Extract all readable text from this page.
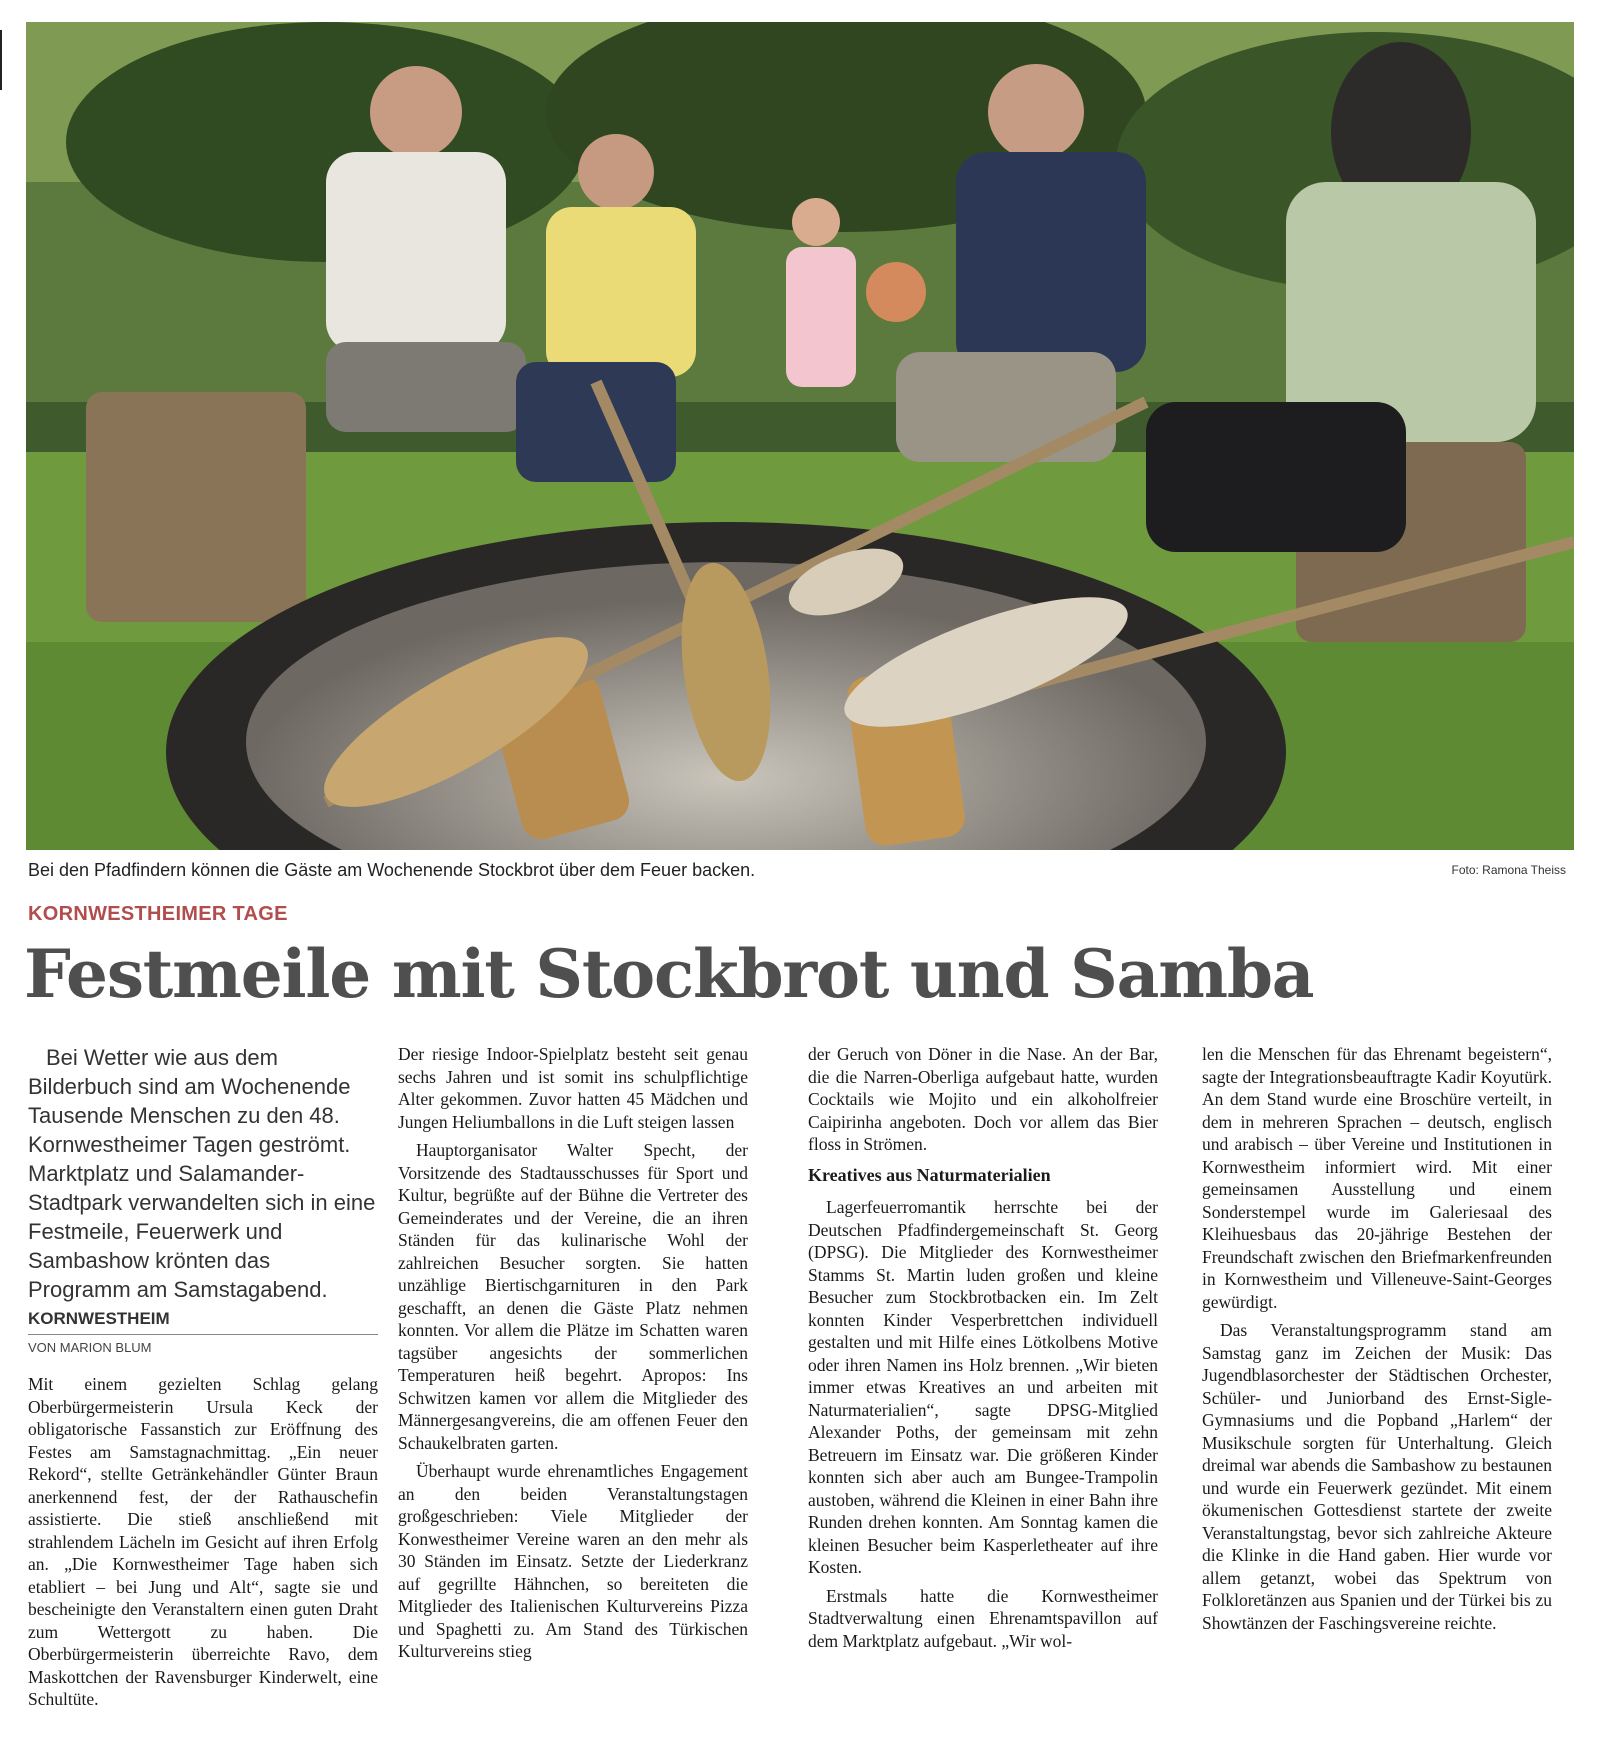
Bei den Pfadfindern können die Gäste am Wochenende Stockbrot über dem Feuer backen.	Foto: Ramona Theiss
KORNWESTHEIMER TAGE
Festmeile mit Stockbrot und Samba

Bei Wetter wie aus dem Bilderbuch sind am Wochenende Tausende Menschen zu den 48. Kornwestheimer Tagen geströmt. Marktplatz und Salamander-Stadtpark verwandelten sich in eine Festmeile, Feuerwerk und Sambashow krönten das Programm am Samstagabend.

KORNWESTHEIM
VON MARION BLUM

Mit einem gezielten Schlag gelang Oberbürgermeisterin Ursula Keck der obligatorische Fassanstich zur Eröffnung des Festes am Samstagnachmittag. „Ein neuer Rekord“, stellte Getränkehändler Günter Braun anerkennend fest, der der Rathauschefin assistierte. Die stieß anschließend mit strahlendem Lächeln im Gesicht auf ihren Erfolg an. „Die Kornwestheimer Tage haben sich etabliert – bei Jung und Alt“, sagte sie und bescheinigte den Veranstaltern einen guten Draht zum Wettergott zu haben. Die Oberbürgermeisterin überreichte Ravo, dem Maskottchen der Ravensburger Kinderwelt, eine Schultüte.

Der riesige Indoor-Spielplatz besteht seit genau sechs Jahren und ist somit ins schulpflichtige Alter gekommen. Zuvor hatten 45 Mädchen und Jungen Heliumballons in die Luft steigen lassen

Hauptorganisator Walter Specht, der Vorsitzende des Stadtausschusses für Sport und Kultur, begrüßte auf der Bühne die Vertreter des Gemeinderates und der Vereine, die an ihren Ständen für das kulinarische Wohl der zahlreichen Besucher sorgten. Sie hatten unzählige Biertischgarnituren in den Park geschafft, an denen die Gäste Platz nehmen konnten. Vor allem die Plätze im Schatten waren tagsüber angesichts der sommerlichen Temperaturen heiß begehrt. Apropos: Ins Schwitzen kamen vor allem die Mitglieder des Männergesangvereins, die am offenen Feuer den Schaukelbraten garten.

Überhaupt wurde ehrenamtliches Engagement an den beiden Veranstaltungstagen großgeschrieben: Viele Mitglieder der Konwestheimer Vereine waren an den mehr als 30 Ständen im Einsatz. Setzte der Liederkranz auf gegrillte Hähnchen, so bereiteten die Mitglieder des Italienischen Kulturvereins Pizza und Spaghetti zu. Am Stand des Türkischen Kulturvereins stieg

der Geruch von Döner in die Nase. An der Bar, die die Narren-Oberliga aufgebaut hatte, wurden Cocktails wie Mojito und ein alkoholfreier Caipirinha angeboten. Doch vor allem das Bier floss in Strömen.

Kreatives aus Naturmaterialien

Lagerfeuerromantik herrschte bei der Deutschen Pfadfindergemeinschaft St. Georg (DPSG). Die Mitglieder des Kornwestheimer Stamms St. Martin luden großen und kleine Besucher zum Stockbrotbacken ein. Im Zelt konnten Kinder Vesperbrettchen individuell gestalten und mit Hilfe eines Lötkolbens Motive oder ihren Namen ins Holz brennen. „Wir bieten immer etwas Kreatives an und arbeiten mit Naturmaterialien“, sagte DPSG-Mitglied Alexander Poths, der gemeinsam mit zehn Betreuern im Einsatz war. Die größeren Kinder konnten sich aber auch am Bungee-Trampolin austoben, während die Kleinen in einer Bahn ihre Runden drehen konnten. Am Sonntag kamen die kleinen Besucher beim Kasperletheater auf ihre Kosten.

Erstmals hatte die Kornwestheimer Stadtverwaltung einen Ehrenamtspavillon auf dem Marktplatz aufgebaut. „Wir wol-

len die Menschen für das Ehrenamt begeistern“, sagte der Integrationsbeauftragte Kadir Koyutürk. An dem Stand wurde eine Broschüre verteilt, in dem in mehreren Sprachen – deutsch, englisch und arabisch – über Vereine und Institutionen in Kornwestheim informiert wird. Mit einer gemeinsamen Ausstellung und einem Sonderstempel wurde im Galeriesaal des Kleihuesbaus das 20-jährige Bestehen der Freundschaft zwischen den Briefmarkenfreunden in Kornwestheim und Villeneuve-Saint-Georges gewürdigt.

Das Veranstaltungsprogramm stand am Samstag ganz im Zeichen der Musik: Das Jugendblasorchester der Städtischen Orchester, Schüler- und Juniorband des Ernst-Sigle-Gymnasiums und die Popband „Harlem“ der Musikschule sorgten für Unterhaltung. Gleich dreimal war abends die Sambashow zu bestaunen und wurde ein Feuerwerk gezündet. Mit einem ökumenischen Gottesdienst startete der zweite Veranstaltungstag, bevor sich zahlreiche Akteure die Klinke in die Hand gaben. Hier wurde vor allem getanzt, wobei das Spektrum von Folkloretänzen aus Spanien und der Türkei bis zu Showtänzen der Faschingsvereine reichte.
